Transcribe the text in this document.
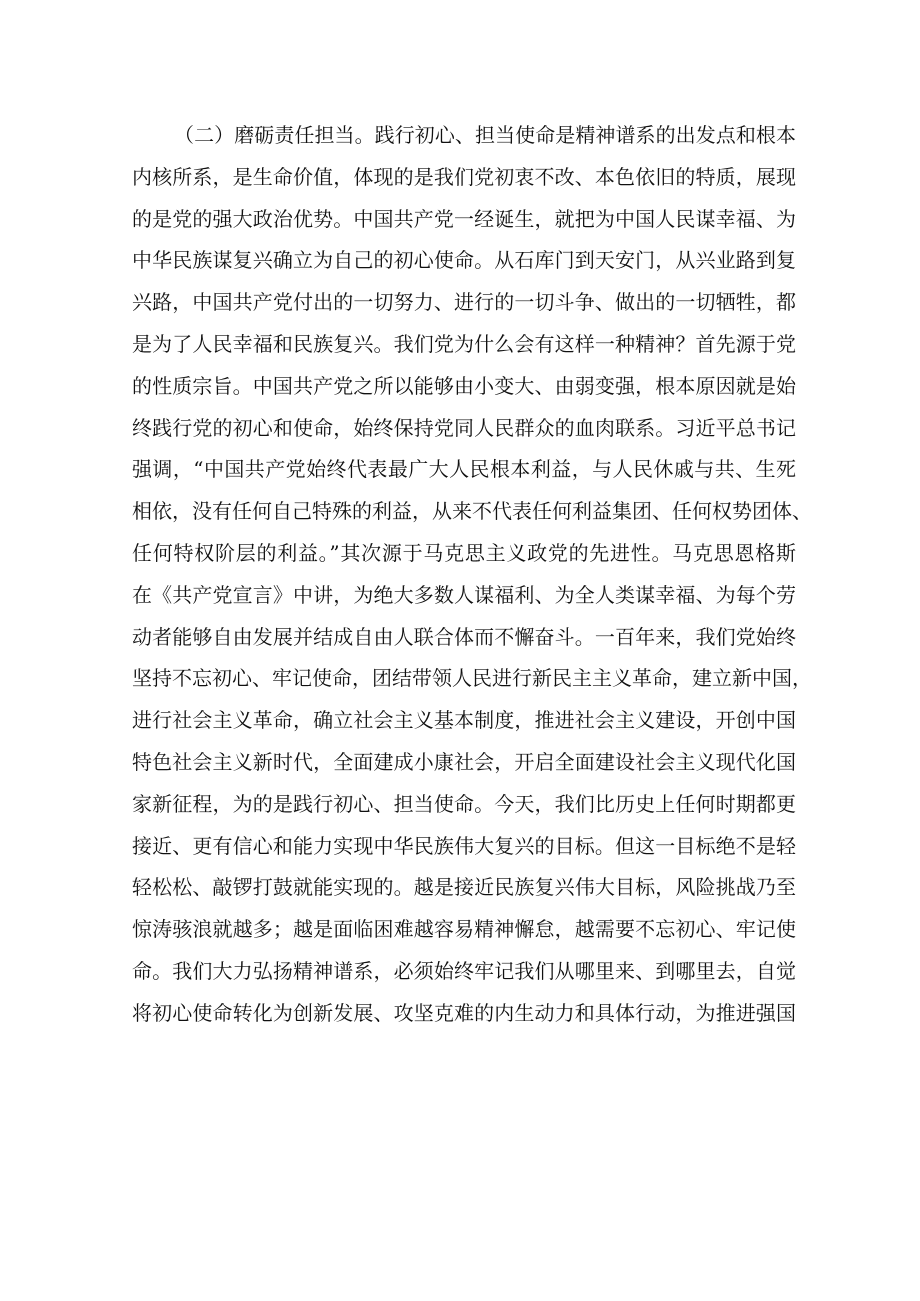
（二）磨砺责任担当。践行初心、担当使命是精神谱系的出发点和根本
内核所系，是生命价值，体现的是我们党初衷不改、本色依旧的特质，展现
的是党的强大政治优势。中国共产党一经诞生，就把为中国人民谋幸福、为
中华民族谋复兴确立为自己的初心使命。从石库门到天安门，从兴业路到复
兴路，中国共产党付出的一切努力、进行的一切斗争、做出的一切牺牲，都
是为了人民幸福和民族复兴。我们党为什么会有这样一种精神？首先源于党
的性质宗旨。中国共产党之所以能够由小变大、由弱变强，根本原因就是始
终践行党的初心和使命，始终保持党同人民群众的血肉联系。习近平总书记
强调，“中国共产党始终代表最广大人民根本利益，与人民休戚与共、生死
相依，没有任何自己特殊的利益，从来不代表任何利益集团、任何权势团体、
任何特权阶层的利益。”其次源于马克思主义政党的先进性。马克思恩格斯
在《共产党宣言》中讲，为绝大多数人谋福利、为全人类谋幸福、为每个劳
动者能够自由发展并结成自由人联合体而不懈奋斗。一百年来，我们党始终
坚持不忘初心、牢记使命，团结带领人民进行新民主主义革命，建立新中国，
进行社会主义革命，确立社会主义基本制度，推进社会主义建设，开创中国
特色社会主义新时代，全面建成小康社会，开启全面建设社会主义现代化国
家新征程，为的是践行初心、担当使命。今天，我们比历史上任何时期都更
接近、更有信心和能力实现中华民族伟大复兴的目标。但这一目标绝不是轻
轻松松、敲锣打鼓就能实现的。越是接近民族复兴伟大目标，风险挑战乃至
惊涛骇浪就越多；越是面临困难越容易精神懈怠，越需要不忘初心、牢记使
命。我们大力弘扬精神谱系，必须始终牢记我们从哪里来、到哪里去，自觉
将初心使命转化为创新发展、攻坚克难的内生动力和具体行动，为推进强国
